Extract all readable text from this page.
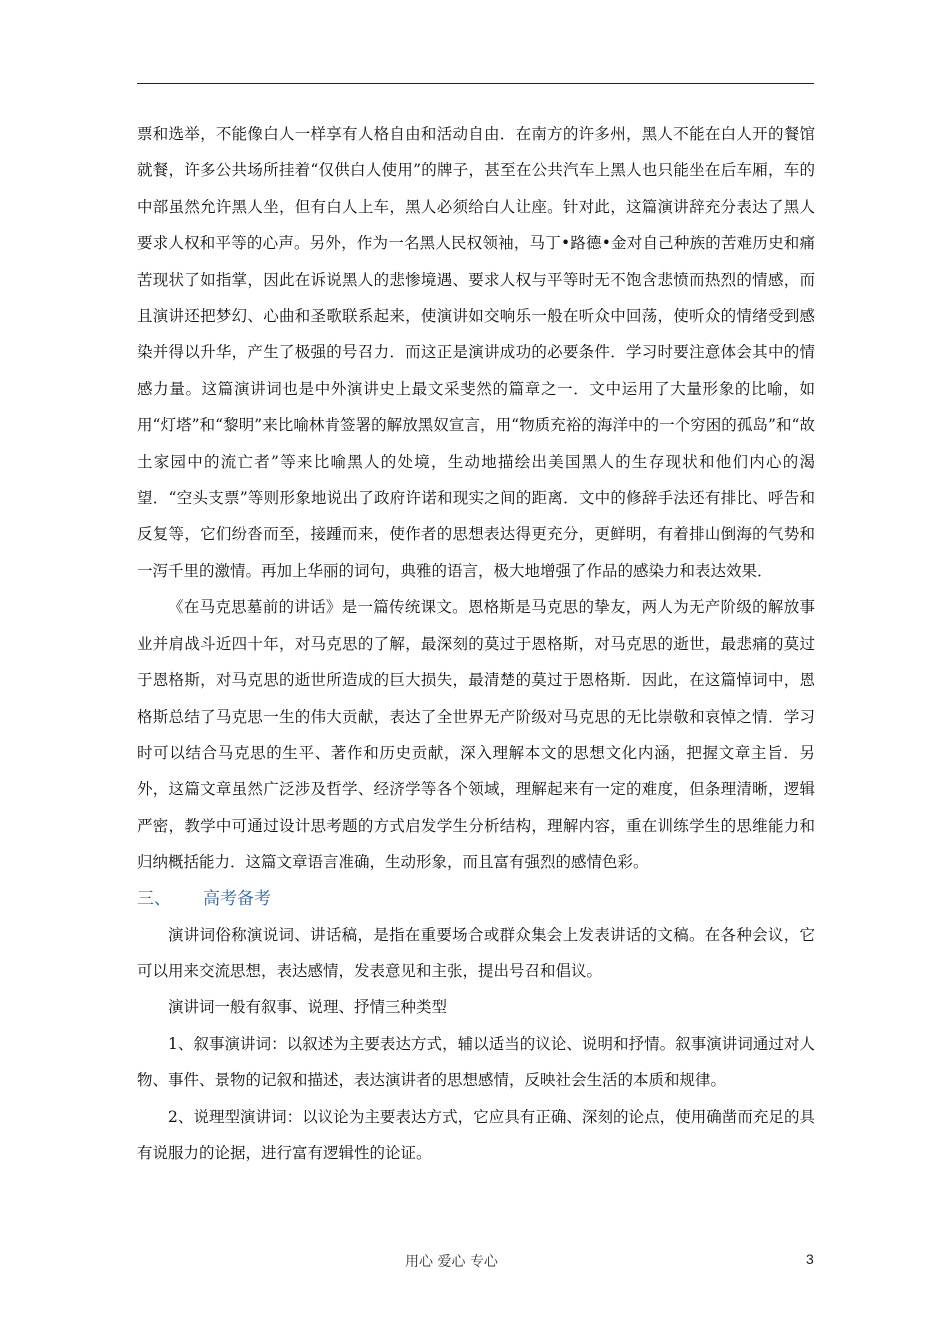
票和选举，不能像白人一样享有人格自由和活动自由．在南方的许多州，黑人不能在白人开的餐馆就餐，许多公共场所挂着“仅供白人使用”的牌子，甚至在公共汽车上黑人也只能坐在后车厢，车的中部虽然允许黑人坐，但有白人上车，黑人必须给白人让座。针对此，这篇演讲辞充分表达了黑人要求人权和平等的心声。另外，作为一名黑人民权领袖，马丁•路德•金对自己种族的苦难历史和痛苦现状了如指掌，因此在诉说黑人的悲惨境遇、要求人权与平等时无不饱含悲愤而热烈的情感，而且演讲还把梦幻、心曲和圣歌联系起来，使演讲如交响乐一般在听众中回荡，使听众的情绪受到感染并得以升华，产生了极强的号召力．而这正是演讲成功的必要条件．学习时要注意体会其中的情感力量。这篇演讲词也是中外演讲史上最文采斐然的篇章之一．文中运用了大量形象的比喻，如用“灯塔”和“黎明”来比喻林肯签署的解放黑奴宣言，用“物质充裕的海洋中的一个穷困的孤岛”和“故土家园中的流亡者”等来比喻黑人的处境，生动地描绘出美国黑人的生存现状和他们内心的渴望．“空头支票”等则形象地说出了政府许诺和现实之间的距离．文中的修辞手法还有排比、呼告和反复等，它们纷沓而至，接踵而来，使作者的思想表达得更充分，更鲜明，有着排山倒海的气势和一泻千里的激情。再加上华丽的词句，典雅的语言，极大地增强了作品的感染力和表达效果．

《在马克思墓前的讲话》是一篇传统课文。恩格斯是马克思的挚友，两人为无产阶级的解放事业并肩战斗近四十年，对马克思的了解，最深刻的莫过于恩格斯，对马克思的逝世，最悲痛的莫过于恩格斯，对马克思的逝世所造成的巨大损失，最清楚的莫过于恩格斯．因此，在这篇悼词中，恩格斯总结了马克思一生的伟大贡献，表达了全世界无产阶级对马克思的无比崇敬和哀悼之情．学习时可以结合马克思的生平、著作和历史贡献，深入理解本文的思想文化内涵，把握文章主旨．另外，这篇文章虽然广泛涉及哲学、经济学等各个领域，理解起来有一定的难度，但条理清晰，逻辑严密，教学中可通过设计思考题的方式启发学生分析结构，理解内容，重在训练学生的思维能力和归纳概括能力．这篇文章语言准确，生动形象，而且富有强烈的感情色彩。

三、	高考备考

演讲词俗称演说词、讲话稿，是指在重要场合或群众集会上发表讲话的文稿。在各种会议，它可以用来交流思想，表达感情，发表意见和主张，提出号召和倡议。

演讲词一般有叙事、说理、抒情三种类型

1、叙事演讲词：以叙述为主要表达方式，辅以适当的议论、说明和抒情。叙事演讲词通过对人物、事件、景物的记叙和描述，表达演讲者的思想感情，反映社会生活的本质和规律。

2、说理型演讲词：以议论为主要表达方式，它应具有正确、深刻的论点，使用确凿而充足的具有说服力的论据，进行富有逻辑性的论证。

用心 爱心 专心	3
